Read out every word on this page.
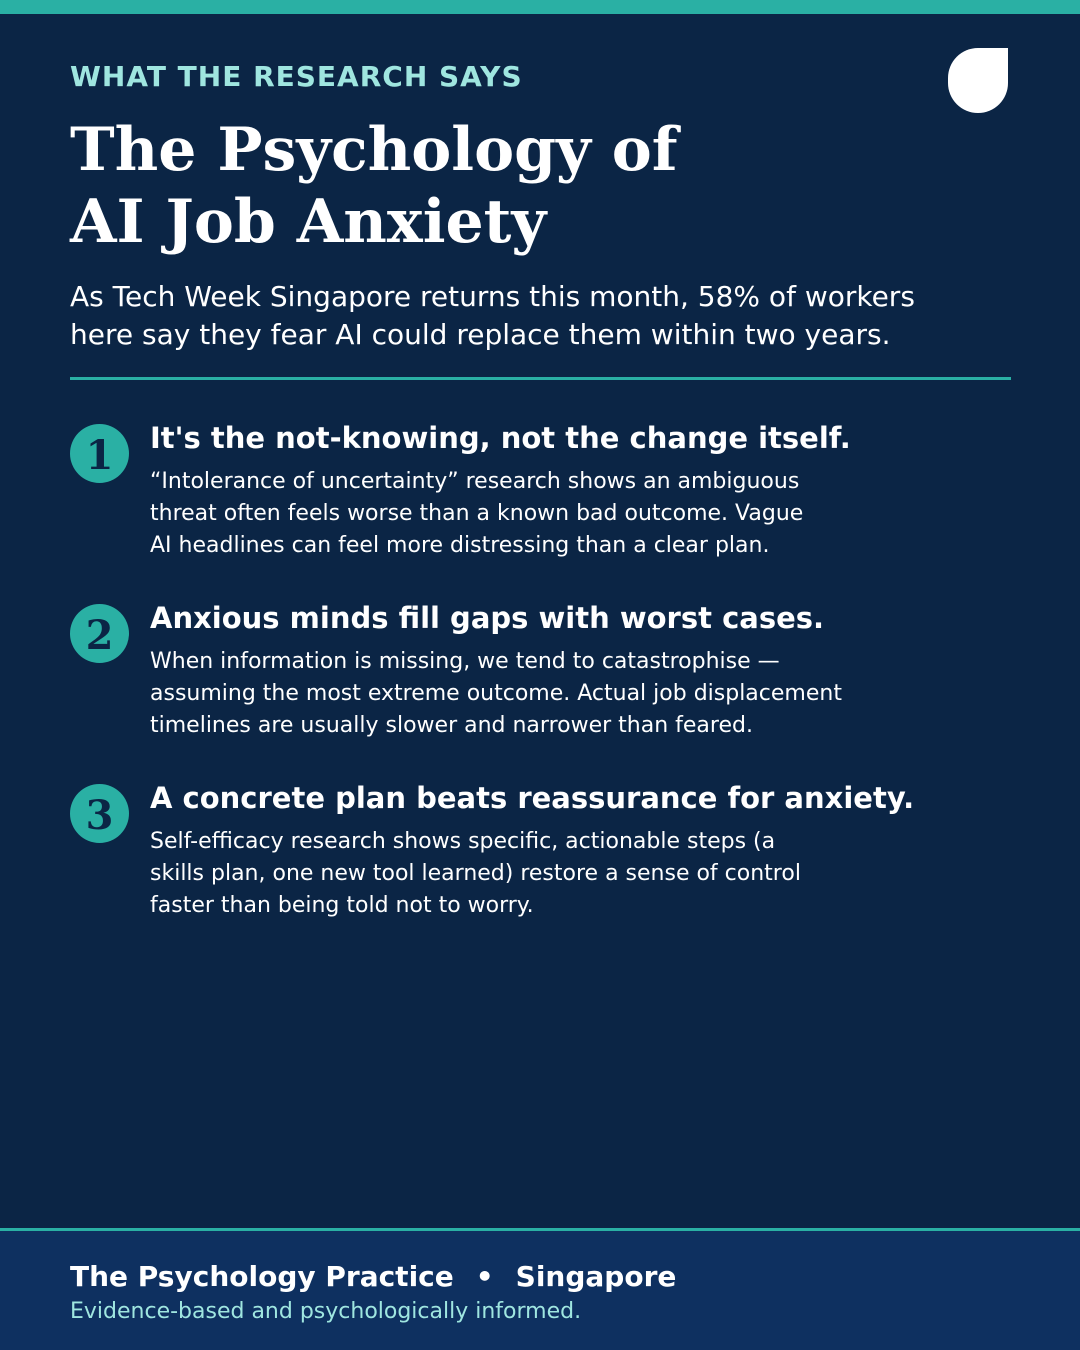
WHAT THE RESEARCH SAYS

The Psychology of
AI Job Anxiety

As Tech Week Singapore returns this month, 58% of workers
here say they fear AI could replace them within two years.

1	It's the not-knowing, not the change itself.

“Intolerance of uncertainty” research shows an ambiguous
threat often feels worse than a known bad outcome. Vague
AI headlines can feel more distressing than a clear plan.

2	Anxious minds fill gaps with worst cases.

When information is missing, we tend to catastrophise —
assuming the most extreme outcome. Actual job displacement
timelines are usually slower and narrower than feared.

3	A concrete plan beats reassurance for anxiety.

Self-efficacy research shows specific, actionable steps (a
skills plan, one new tool learned) restore a sense of control
faster than being told not to worry.

The Psychology Practice • Singapore

Evidence-based and psychologically informed.
